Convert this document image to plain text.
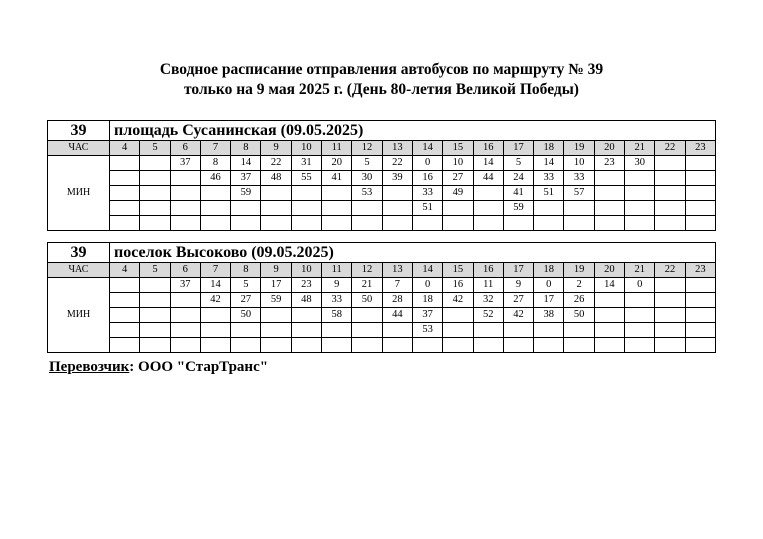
Сводное расписание отправления автобусов по маршруту № 39
только на 9 мая 2025 г. (День 80-летия Великой Победы)
39	площадь Сусанинская (09.05.2025)																			
ЧАС	4	5	6	7	8	9	10	11	12	13	14	15	16	17	18	19	20	21	22	23
МИН			37	8	14	22	31	20	5	22	0	10	14	5	14	10	23	30		
				46	37	48	55	41	30	39	16	27	44	24	33	33				
					59				53		33	49		41	51	57				
											51			59						

39	поселок Высоково (09.05.2025)																			
ЧАС	4	5	6	7	8	9	10	11	12	13	14	15	16	17	18	19	20	21	22	23
МИН			37	14	5	17	23	9	21	7	0	16	11	9	0	2	14	0		
				42	27	59	48	33	50	28	18	42	32	27	17	26				
					50			58		44	37		52	42	38	50				
											53									

Перевозчик: ООО "СтарТранс"
